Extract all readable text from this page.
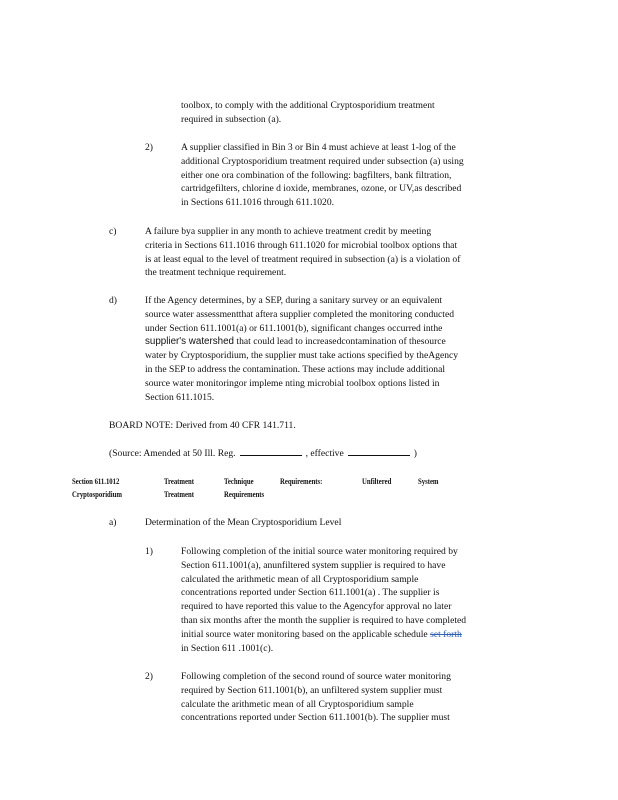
toolbox, to comply with the additional Cryptosporidium treatment

required in subsection (a).

2)	A supplier classified in Bin 3 or Bin 4 must achieve at least 1-log of the

additional Cryptosporidium treatment required under subsection (a) using

either one ora combination of the following: bagfilters, bank filtration,

cartridgefilters, chlorine d ioxide, membranes, ozone, or UV,as described

in Sections 611.1016 through 611.1020.

c)	A failure bya supplier in any month to achieve treatment credit by meeting

criteria in Sections 611.1016 through 611.1020 for microbial toolbox options that

is at least equal to the level of treatment required in subsection (a) is a violation of

the treatment technique requirement.

d)	If the Agency determines, by a SEP, during a sanitary survey or an equivalent

source water assessmentthat aftera supplier completed the monitoring conducted

under Section 611.1001(a) or 611.1001(b), significant changes occurred inthe

supplier's watershed that could lead to increasedcontamination of thesource

water by Cryptosporidium, the supplier must take actions specified by theAgency

in the SEP to address the contamination. These actions may include additional

source water monitoringor impleme nting microbial toolbox options listed in

Section 611.1015.

BOARD NOTE: Derived from 40 CFR 141.711.

(Source: Amended at 50 Ill. Reg.	, effective	)

Section 611.1012
Cryptosporidium
Treatment
Treatment
Technique
Requirements
Requirements:	Unfiltered	System
a)	Determination of the Mean Cryptosporidium Level

1)	Following completion of the initial source water monitoring required by

Section 611.1001(a), anunfiltered system supplier is required to have

calculated the arithmetic mean of all Cryptosporidium sample

concentrations reported under Section 611.1001(a) . The supplier is

required to have reported this value to the Agencyfor approval no later

than six months after the month the supplier is required to have completed

initial source water monitoring based on the applicable schedule set forth

in Section 611 .1001(c).

2)	Following completion of the second round of source water monitoring

required by Section 611.1001(b), an unfiltered system supplier must

calculate the arithmetic mean of all Cryptosporidium sample

concentrations reported under Section 611.1001(b). The supplier must
